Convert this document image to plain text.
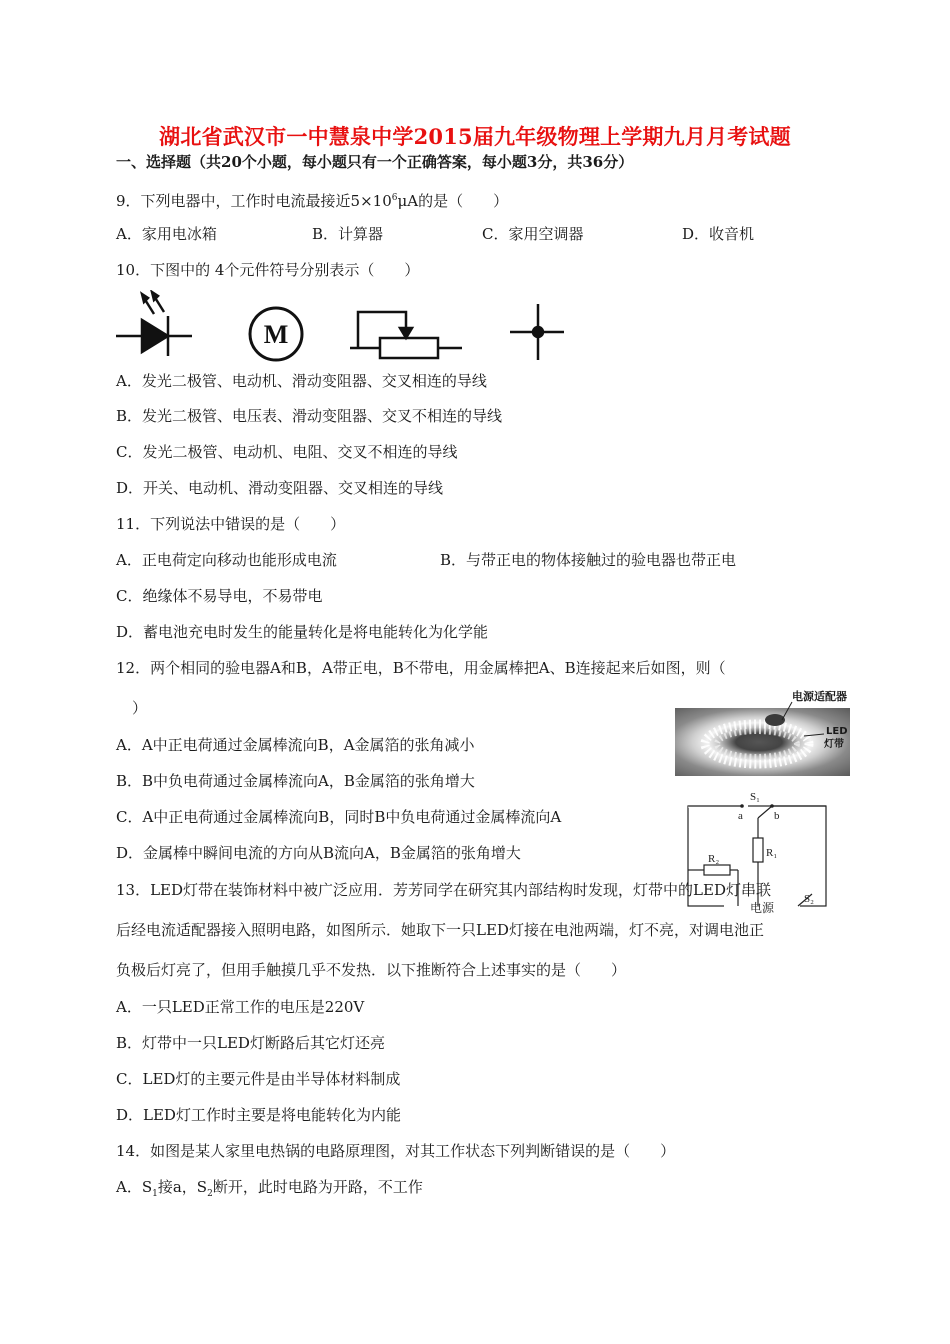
湖北省武汉市一中慧泉中学2015届九年级物理上学期九月月考试题
一、选择题（共20个小题，每小题只有一个正确答案，每小题3分，共36分）
9．下列电器中，工作时电流最接近$5\times 10^6\mu A$的是（　　）
A．家用电冰箱	B．计算器	C．家用空调器	D．收音机
10．下图中的 4个元件符号分别表示（　　）
M
A．发光二极管、电动机、滑动变阻器、交叉相连的导线
B．发光二极管、电压表、滑动变阻器、交叉不相连的导线
C．发光二极管、电动机、电阻、交叉不相连的导线
D．开关、电动机、滑动变阻器、交叉相连的导线
11．下列说法中错误的是（　　）
A．正电荷定向移动也能形成电流	B．与带正电的物体接触过的验电器也带正电
C．绝缘体不易导电，不易带电
D．蓄电池充电时发生的能量转化是将电能转化为化学能
12．两个相同的验电器A和B，A带正电，B不带电，用金属棒把A、B连接起来后如图，则（
）
A．A中正电荷通过金属棒流向B，A金属箔的张角减小
B．B中负电荷通过金属棒流向A，B金属箔的张角增大
C．A中正电荷通过金属棒流向B，同时B中负电荷通过金属棒流向A
D．金属棒中瞬间电流的方向从B流向A，B金属箔的张角增大
电源适配器
LED
灯带
S₁
a	b
R₁
R₂
S₂
电源
13．LED灯带在装饰材料中被广泛应用．芳芳同学在研究其内部结构时发现，灯带中的LED灯串联
后经电流适配器接入照明电路，如图所示．她取下一只LED灯接在电池两端，灯不亮，对调电池正
负极后灯亮了，但用手触摸几乎不发热．以下推断符合上述事实的是（　　）
A．一只LED正常工作的电压是220V
B．灯带中一只LED灯断路后其它灯还亮
C．LED灯的主要元件是由半导体材料制成
D．LED灯工作时主要是将电能转化为内能
14．如图是某人家里电热锅的电路原理图，对其工作状态下列判断错误的是（　　）
A．$S_1$接a，$S_2$断开，此时电路为开路，不工作
